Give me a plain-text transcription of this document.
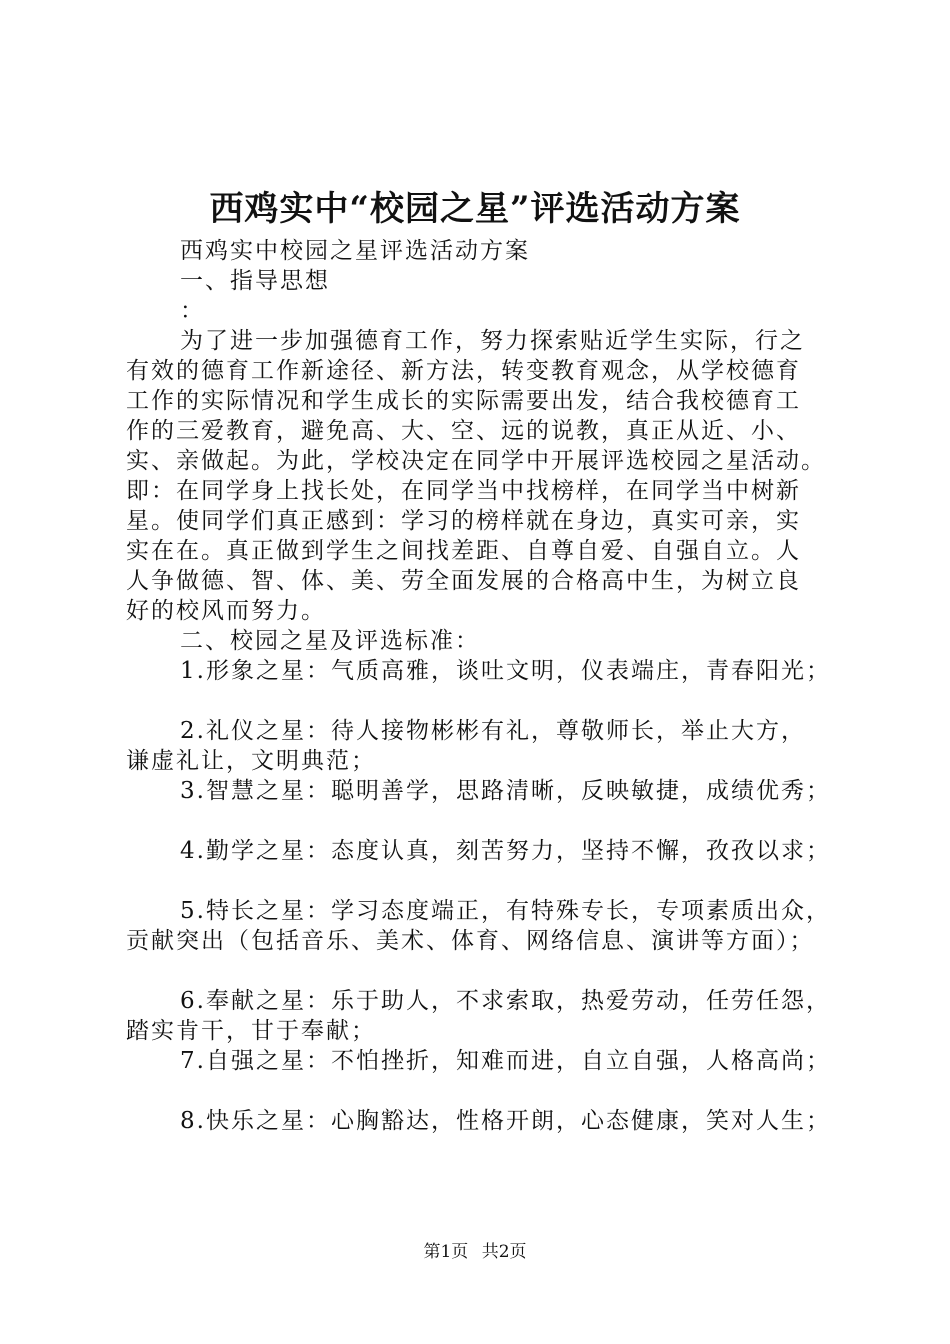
西鸡实中“校园之星”评选活动方案
西鸡实中校园之星评选活动方案
一、指导思想
：
为了进一步加强德育工作，努力探索贴近学生实际，行之
有效的德育工作新途径、新方法，转变教育观念，从学校德育
工作的实际情况和学生成长的实际需要出发，结合我校德育工
作的三爱教育，避免高、大、空、远的说教，真正从近、小、
实、亲做起。为此，学校决定在同学中开展评选校园之星活动。
即：在同学身上找长处，在同学当中找榜样，在同学当中树新
星。使同学们真正感到：学习的榜样就在身边，真实可亲，实
实在在。真正做到学生之间找差距、自尊自爱、自强自立。人
人争做德、智、体、美、劳全面发展的合格高中生，为树立良
好的校风而努力。
二、校园之星及评选标准：
1.形象之星：气质高雅，谈吐文明，仪表端庄，青春阳光；
2.礼仪之星：待人接物彬彬有礼，尊敬师长，举止大方，
谦虚礼让，文明典范；
3.智慧之星：聪明善学，思路清晰，反映敏捷，成绩优秀；
4.勤学之星：态度认真，刻苦努力，坚持不懈，孜孜以求；
5.特长之星：学习态度端正，有特殊专长，专项素质出众，
贡献突出（包括音乐、美术、体育、网络信息、演讲等方面）；
6.奉献之星：乐于助人，不求索取，热爱劳动，任劳任怨，
踏实肯干，甘于奉献；
7.自强之星：不怕挫折，知难而进，自立自强，人格高尚；
8.快乐之星：心胸豁达，性格开朗，心态健康，笑对人生；
第1页 共2页
